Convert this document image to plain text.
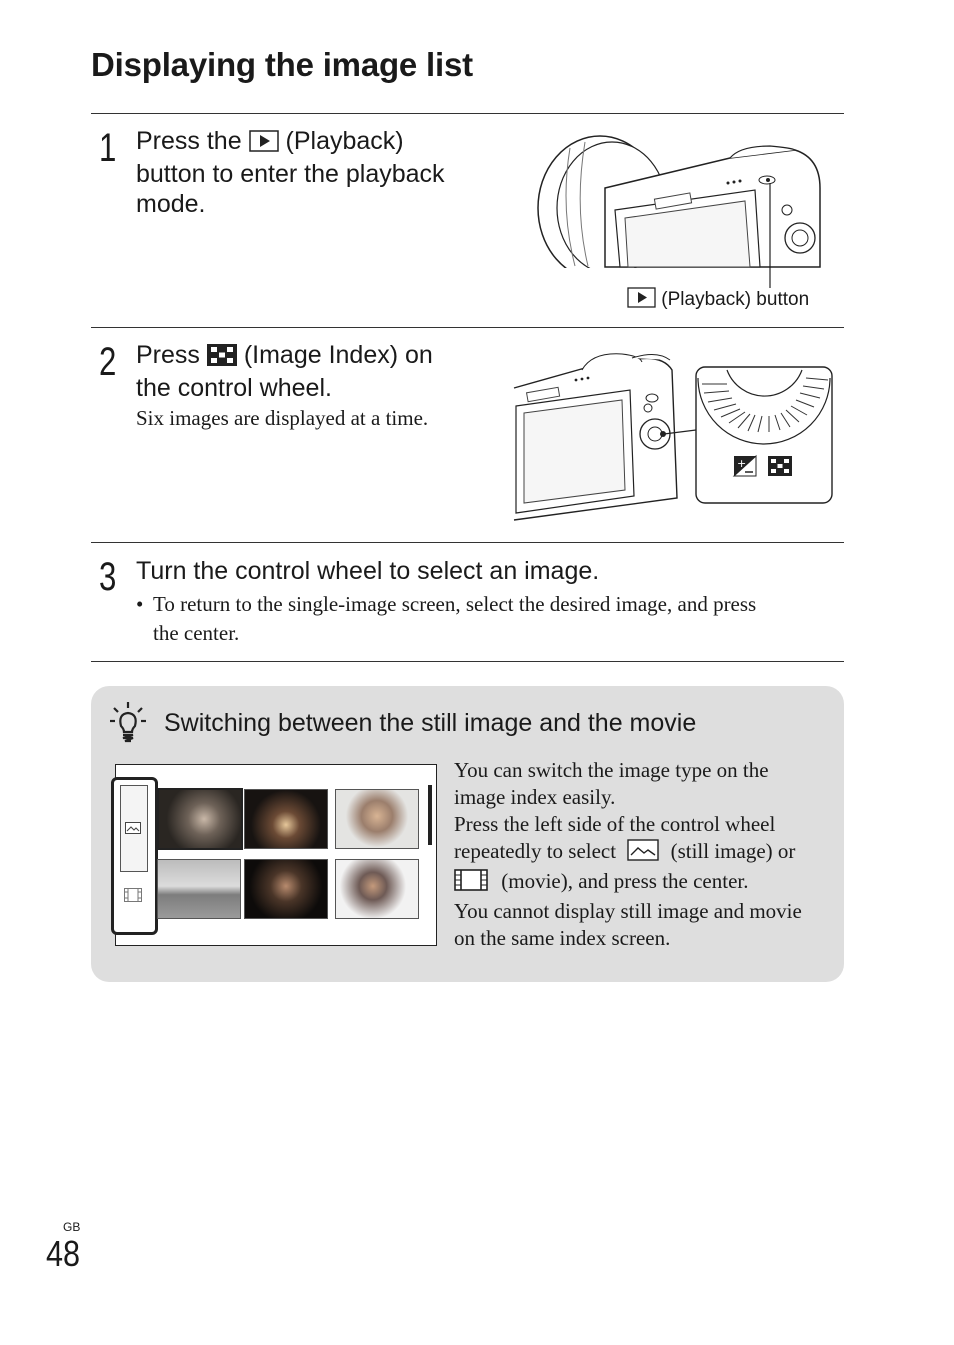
Displaying the image list
1 Press the (Playback)
button to enter the playback
mode.
(Playback) button
2 Press (Image Index) on
the control wheel.
Six images are displayed at a time.
+
3 Turn the control wheel to select an image.
• To return to the single-image screen, select the desired image, and press
the center.
Switching between the still image and the movie
You can switch the image type on the
image index easily.
Press the left side of the control wheel
repeatedly to select	(still image) or
(movie), and press the center.
You cannot display still image and movie
on the same index screen.
GB
48
